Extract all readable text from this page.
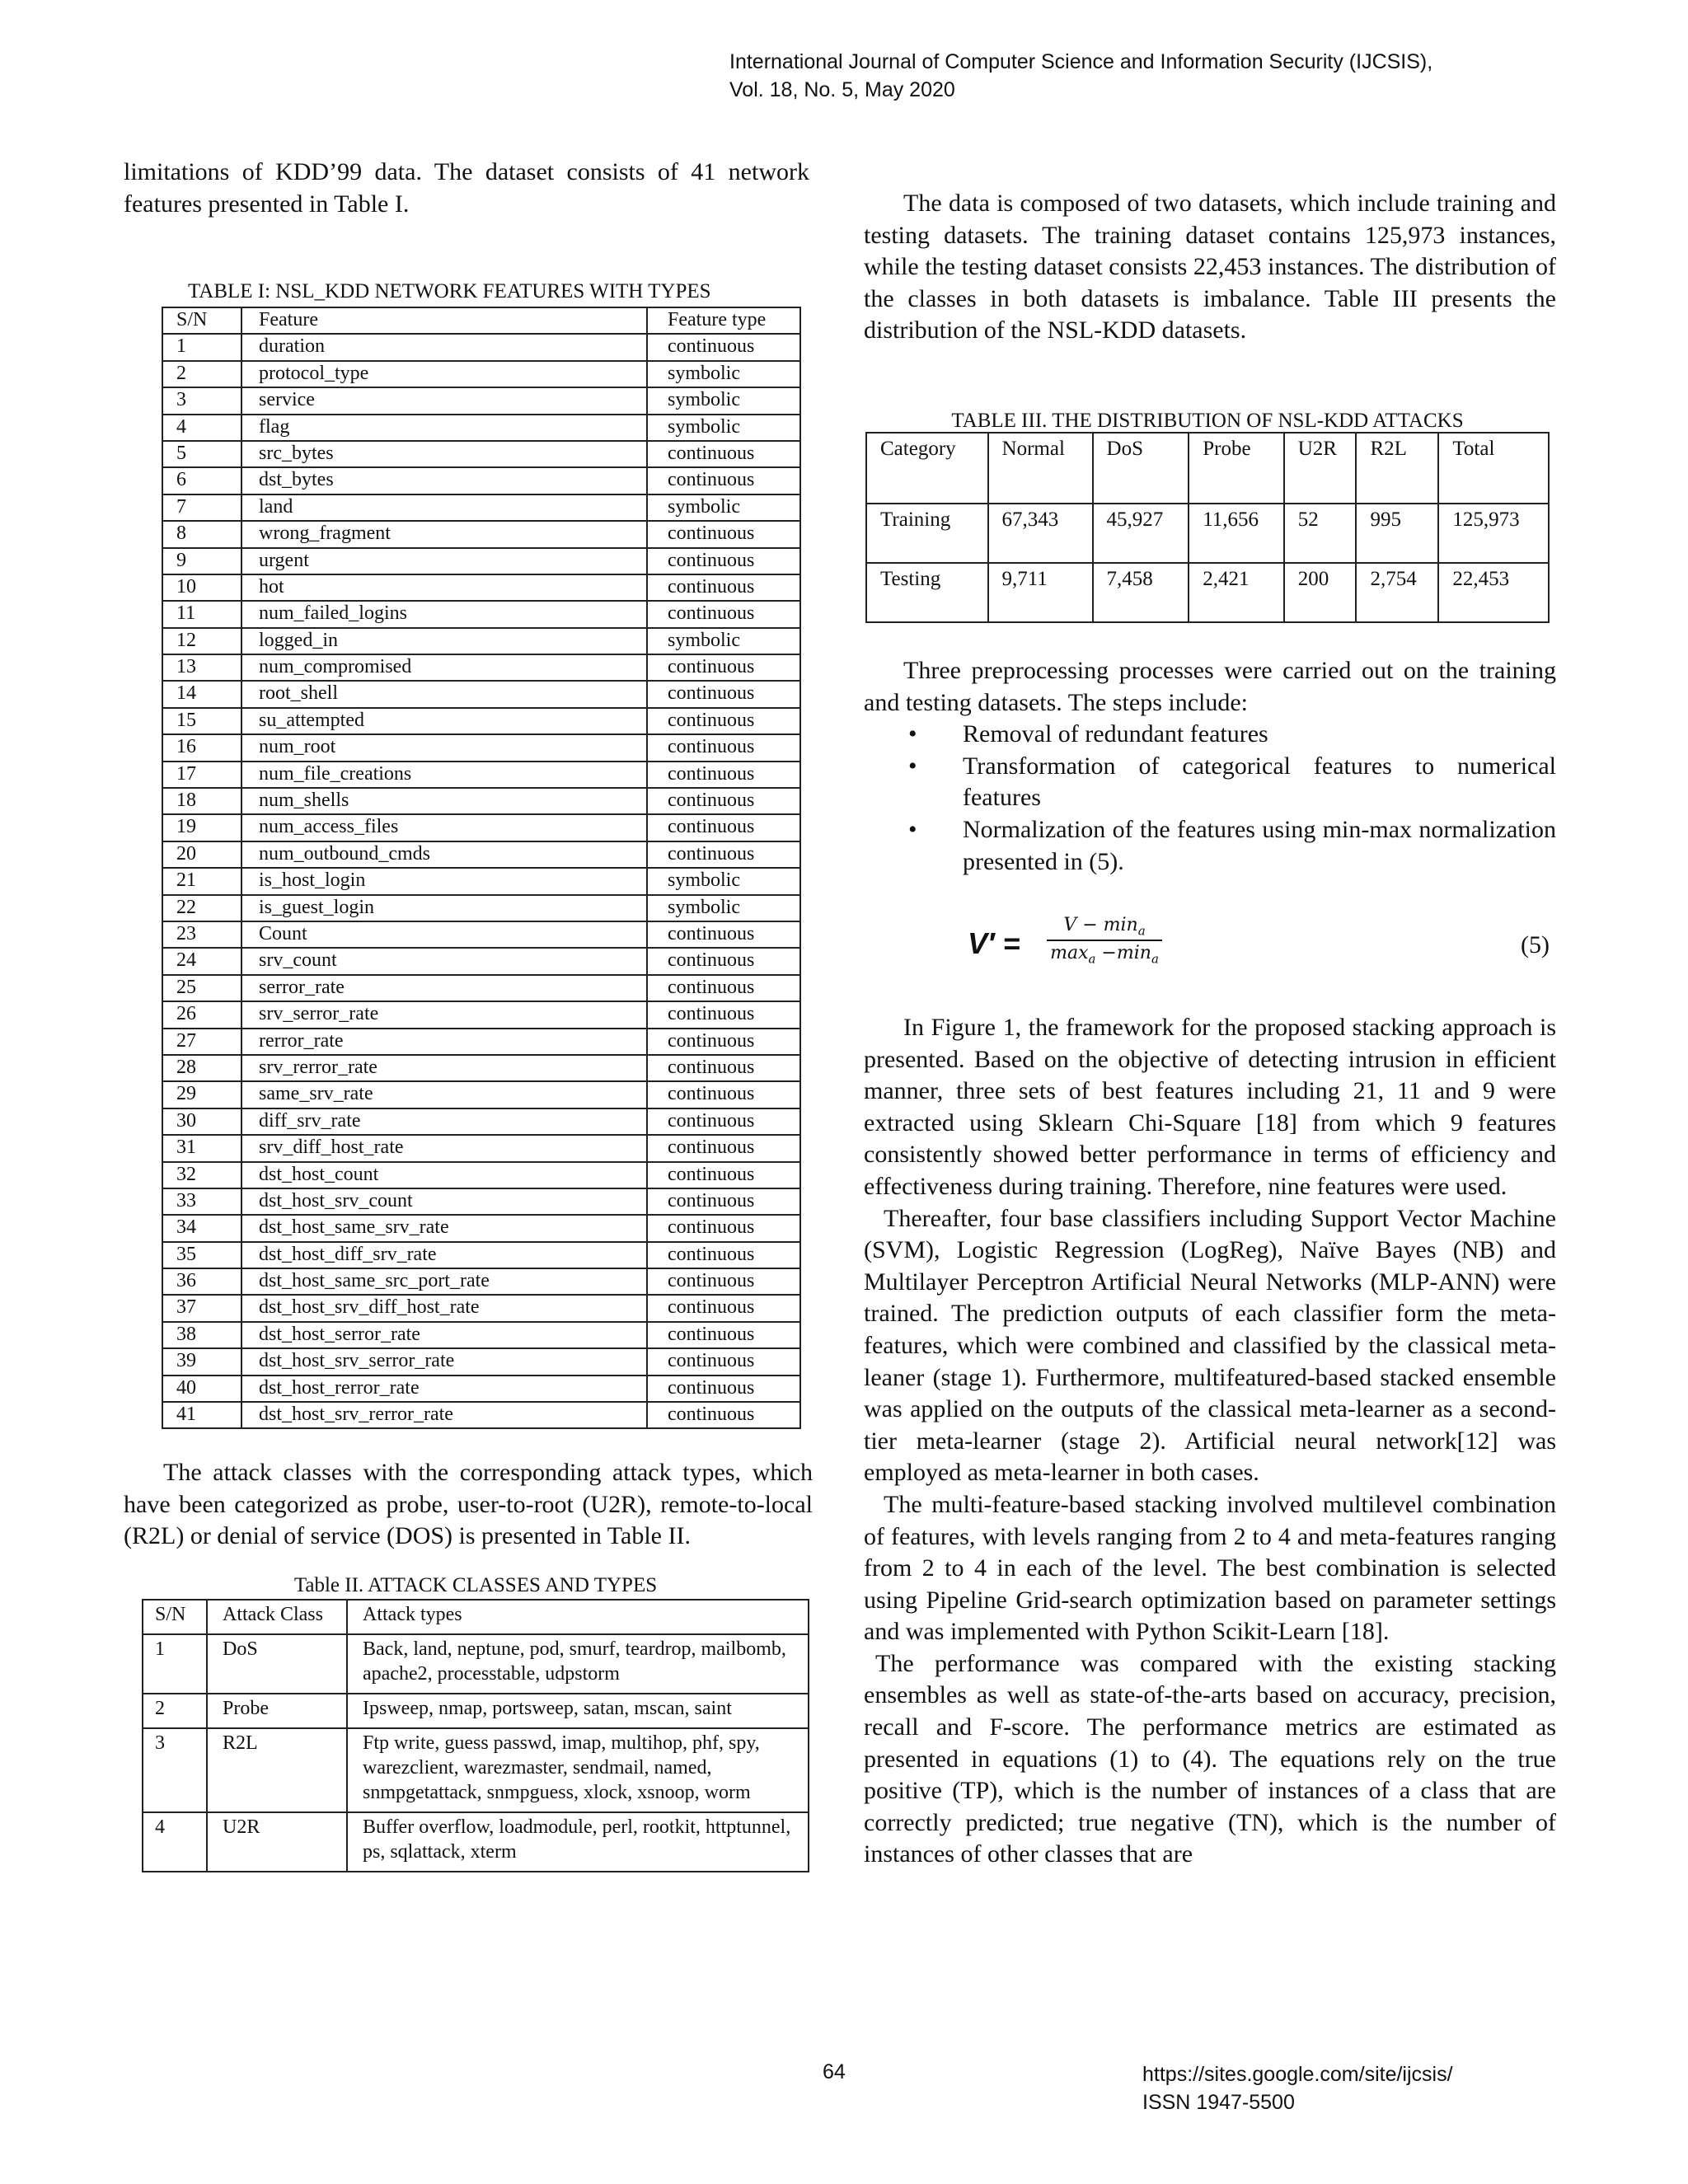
International Journal of Computer Science and Information Security (IJCSIS),
Vol. 18, No. 5, May 2020

limitations of KDD’99 data. The dataset consists of 41 network features presented in Table I.

TABLE I: NSL_KDD NETWORK FEATURES WITH TYPES
S/N	Feature	Feature type
1	duration	continuous
2	protocol_type	symbolic
3	service	symbolic
4	flag	symbolic
5	src_bytes	continuous
6	dst_bytes	continuous
7	land	symbolic
8	wrong_fragment	continuous
9	urgent	continuous
10	hot	continuous
11	num_failed_logins	continuous
12	logged_in	symbolic
13	num_compromised	continuous
14	root_shell	continuous
15	su_attempted	continuous
16	num_root	continuous
17	num_file_creations	continuous
18	num_shells	continuous
19	num_access_files	continuous
20	num_outbound_cmds	continuous
21	is_host_login	symbolic
22	is_guest_login	symbolic
23	Count	continuous
24	srv_count	continuous
25	serror_rate	continuous
26	srv_serror_rate	continuous
27	rerror_rate	continuous
28	srv_rerror_rate	continuous
29	same_srv_rate	continuous
30	diff_srv_rate	continuous
31	srv_diff_host_rate	continuous
32	dst_host_count	continuous
33	dst_host_srv_count	continuous
34	dst_host_same_srv_rate	continuous
35	dst_host_diff_srv_rate	continuous
36	dst_host_same_src_port_rate	continuous
37	dst_host_srv_diff_host_rate	continuous
38	dst_host_serror_rate	continuous
39	dst_host_srv_serror_rate	continuous
40	dst_host_rerror_rate	continuous
41	dst_host_srv_rerror_rate	continuous

The attack classes with the corresponding attack types, which have been categorized as probe, user-to-root (U2R), remote-to-local (R2L) or denial of service (DOS) is presented in Table II.

Table II. ATTACK CLASSES AND TYPES
S/N	Attack Class	Attack types
1	DoS	Back, land, neptune, pod, smurf, teardrop, mailbomb, apache2, processtable, udpstorm
2	Probe	Ipsweep, nmap, portsweep, satan, mscan, saint
3	R2L	Ftp write, guess passwd, imap, multihop, phf, spy, warezclient, warezmaster, sendmail, named, snmpgetattack, snmpguess, xlock, xsnoop, worm
4	U2R	Buffer overflow, loadmodule, perl, rootkit, httptunnel, ps, sqlattack, xterm

The data is composed of two datasets, which include training and testing datasets. The training dataset contains 125,973 instances, while the testing dataset consists 22,453 instances. The distribution of the classes in both datasets is imbalance. Table III presents the distribution of the NSL-KDD datasets.

TABLE III. THE DISTRIBUTION OF NSL-KDD ATTACKS
Category	Normal	DoS	Probe	U2R	R2L	Total
Training	67,343	45,927	11,656	52	995	125,973
Testing	9,711	7,458	2,421	200	2,754	22,453

Three preprocessing processes were carried out on the training and testing datasets. The steps include:

• Removal of redundant features
• Transformation of categorical features to numerical features
• Normalization of the features using min-max normalization presented in (5).
V′ =
$V - \min_a$
$\max_a -\min_a$
(5)

In Figure 1, the framework for the proposed stacking approach is presented. Based on the objective of detecting intrusion in efficient manner, three sets of best features including 21, 11 and 9 were extracted using Sklearn Chi-Square [18] from which 9 features consistently showed better performance in terms of efficiency and effectiveness during training. Therefore, nine features were used.

Thereafter, four base classifiers including Support Vector Machine (SVM), Logistic Regression (LogReg), Naïve Bayes (NB) and Multilayer Perceptron Artificial Neural Networks (MLP-ANN) were trained. The prediction outputs of each classifier form the meta-features, which were combined and classified by the classical meta-leaner (stage 1). Furthermore, multifeatured-based stacked ensemble was applied on the outputs of the classical meta-learner as a second-tier meta-learner (stage 2). Artificial neural network[12] was employed as meta-learner in both cases.

The multi-feature-based stacking involved multilevel combination of features, with levels ranging from 2 to 4 and meta-features ranging from 2 to 4 in each of the level. The best combination is selected using Pipeline Grid-search optimization based on parameter settings and was implemented with Python Scikit-Learn [18].

The performance was compared with the existing stacking ensembles as well as state-of-the-arts based on accuracy, precision, recall and F-score. The performance metrics are estimated as presented in equations (1) to (4). The equations rely on the true positive (TP), which is the number of instances of a class that are correctly predicted; true negative (TN), which is the number of instances of other classes that are

64	https://sites.google.com/site/ijcsis/
ISSN 1947-5500
